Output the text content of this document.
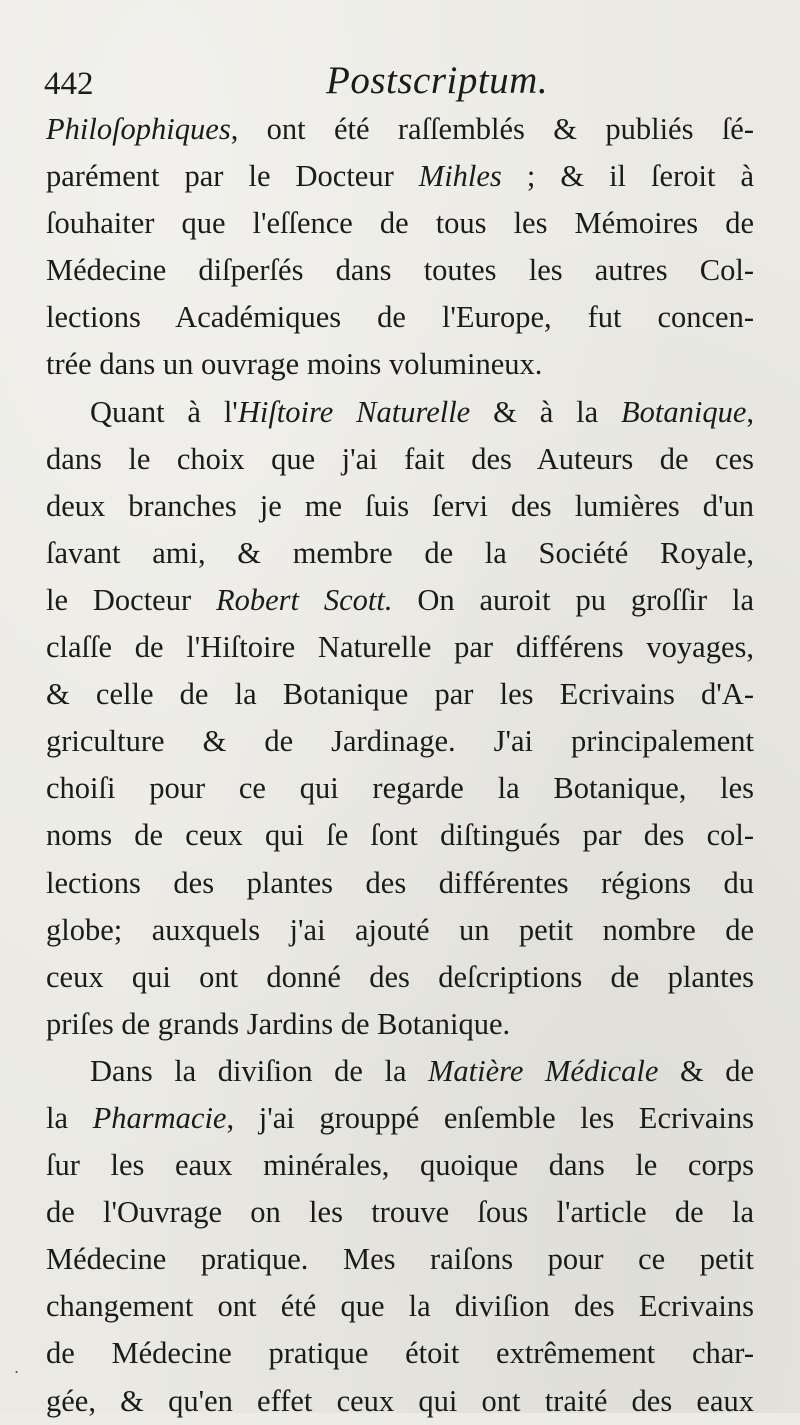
442	Postscriptum.
Philoſophiques, ont été raſſemblés & publiés ſé-
parément par le Docteur Mihles ; & il ſeroit à
ſouhaiter que l'eſſence de tous les Mémoires de
Médecine diſperſés dans toutes les autres Col-
lections Académiques de l'Europe, fut concen-
trée dans un ouvrage moins volumineux.
Quant à l'Hiſtoire Naturelle & à la Botanique,
dans le choix que j'ai fait des Auteurs de ces
deux branches je me ſuis ſervi des lumières d'un
ſavant ami, & membre de la Société Royale,
le Docteur Robert Scott. On auroit pu groſſir la
claſſe de l'Hiſtoire Naturelle par différens voyages,
& celle de la Botanique par les Ecrivains d'A-
griculture & de Jardinage. J'ai principalement
choiſi pour ce qui regarde la Botanique, les
noms de ceux qui ſe ſont diſtingués par des col-
lections des plantes des différentes régions du
globe; auxquels j'ai ajouté un petit nombre de
ceux qui ont donné des deſcriptions de plantes
priſes de grands Jardins de Botanique.
Dans la diviſion de la Matière Médicale & de
la Pharmacie, j'ai grouppé enſemble les Ecrivains
ſur les eaux minérales, quoique dans le corps
de l'Ouvrage on les trouve ſous l'article de la
Médecine pratique. Mes raiſons pour ce petit
changement ont été que la diviſion des Ecrivains
de Médecine pratique étoit extrêmement char-
gée, & qu'en effet ceux qui ont traité des eaux
.
